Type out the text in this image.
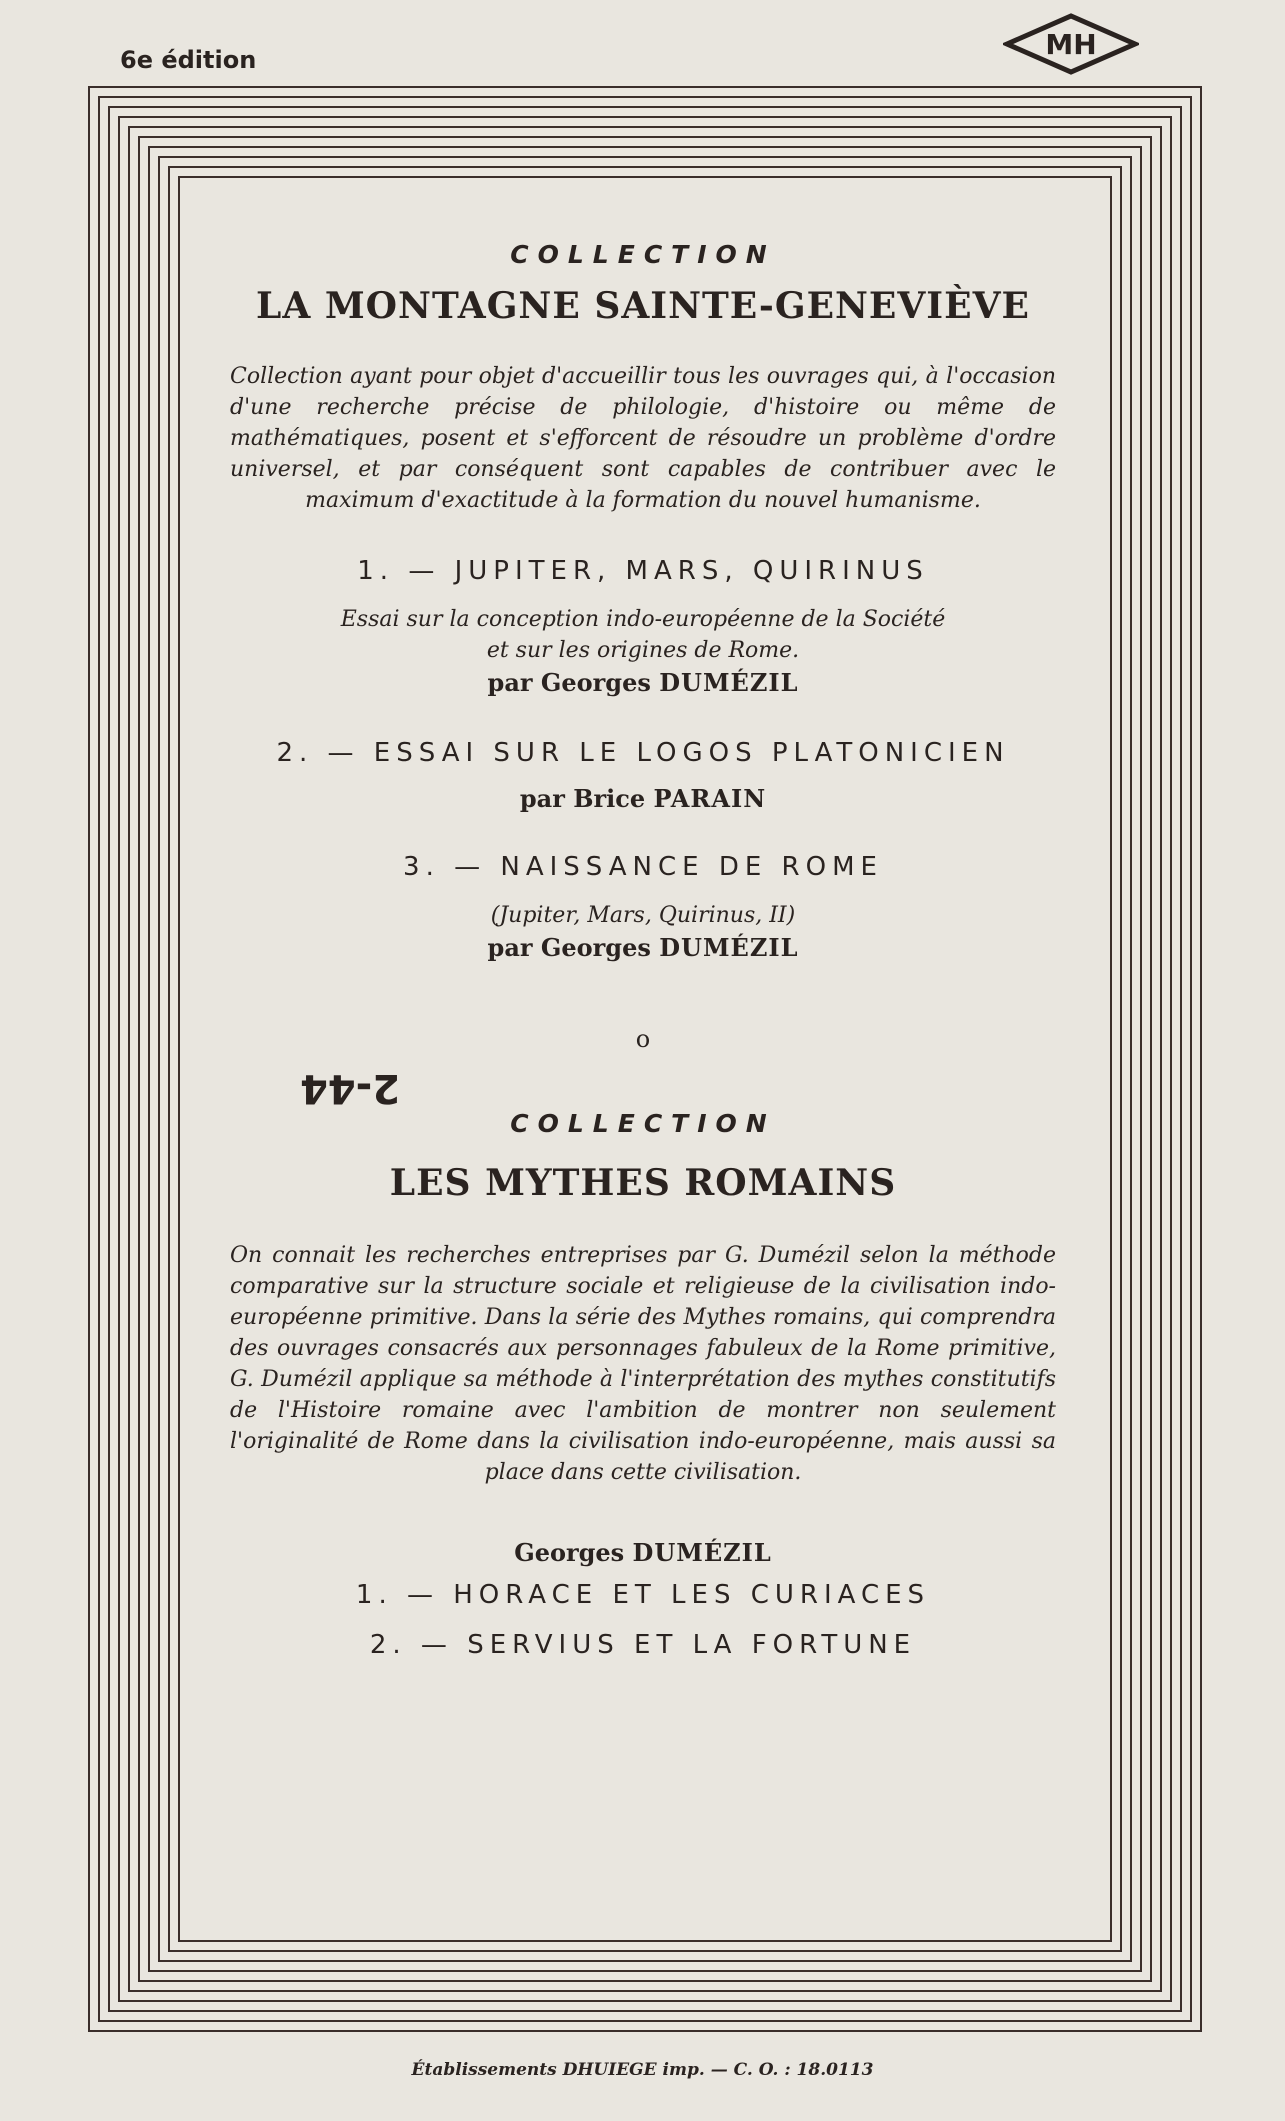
6e édition	MH

COLLECTION

LA MONTAGNE SAINTE-GENEVIÈVE

Collection ayant pour objet d'accueillir tous les ouvrages qui, à l'occasion d'une recherche précise de philologie, d'histoire ou même de mathématiques, posent et s'efforcent de résoudre un problème d'ordre universel, et par conséquent sont capables de contribuer avec le maximum d'exactitude à la formation du nouvel humanisme.

1. — JUPITER, MARS, QUIRINUS

Essai sur la conception indo-européenne de la Société

et sur les origines de Rome.

par Georges DUMÉZIL

2. — ESSAI SUR LE LOGOS PLATONICIEN

par Brice PARAIN

3. — NAISSANCE DE ROME

(Jupiter, Mars, Quirinus, II)

par Georges DUMÉZIL

o

COLLECTION

LES MYTHES ROMAINS

On connait les recherches entreprises par G. Dumézil selon la méthode comparative sur la structure sociale et religieuse de la civilisation indo-européenne primitive. Dans la série des Mythes romains, qui comprendra des ouvrages consacrés aux personnages fabuleux de la Rome primitive, G. Dumézil applique sa méthode à l'interprétation des mythes constitutifs de l'Histoire romaine avec l'ambition de montrer non seulement l'originalité de Rome dans la civilisation indo-européenne, mais aussi sa place dans cette civilisation.

Georges DUMÉZIL

1. — HORACE ET LES CURIACES

2. — SERVIUS ET LA FORTUNE

2-44
Établissements DHUIEGE imp. — C. O. : 18.0113
